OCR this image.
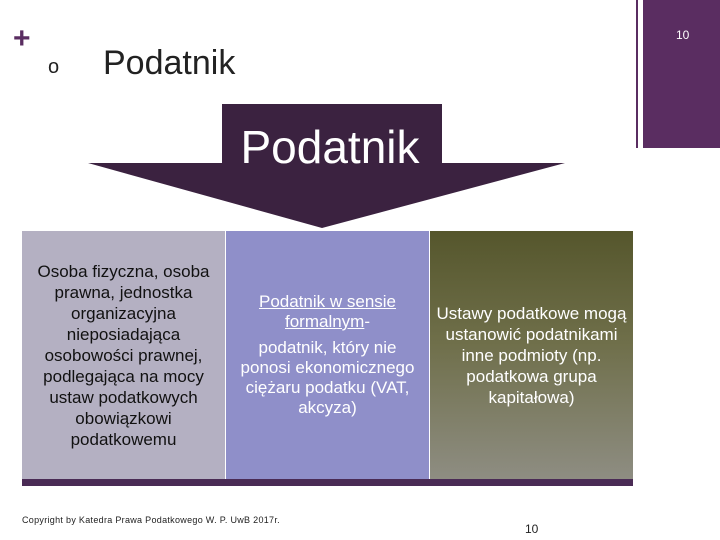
+	10
o Podatnik
Podatnik
Osoba fizyczna, osoba prawna, jednostka organizacyjna nieposiadająca osobowości prawnej, podlegająca na mocy ustaw podatkowych obowiązkowi podatkowemu
Podatnik w sensie formalnym-
podatnik, który nie ponosi ekonomicznego ciężaru podatku (VAT, akcyza)
Ustawy podatkowe mogą ustanowić podatnikami inne podmioty (np. podatkowa grupa kapitałowa)
Copyright by Katedra Prawa Podatkowego W. P. UwB 2017r.
10
